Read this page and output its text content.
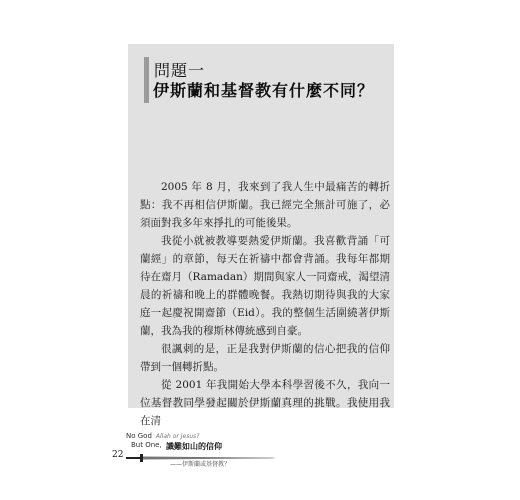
問題一
伊斯蘭和基督教有什麼不同？

2005 年 8 月，我來到了我人生中最痛苦的轉折點：我不再相信伊斯蘭。我已經完全無計可施了，必須面對我多年來掙扎的可能後果。

我從小就被教導要熱愛伊斯蘭。我喜歡背誦「可蘭經」的章節，每天在祈禱中都會背誦。我每年都期待在齋月（Ramadan）期間與家人一同齋戒，渴望清晨的祈禱和晚上的群體晚餐。我熱切期待與我的大家庭一起慶祝開齋節（Eid）。我的整個生活圍繞著伊斯蘭，我為我的穆斯林傳統感到自豪。

很諷刺的是，正是我對伊斯蘭的信心把我的信仰帶到一個轉折點。

從 2001 年我開始大學本科學習後不久，我向一位基督教同學發起關於伊斯蘭真理的挑戰。我使用我在清

No God Allah or Jesus?
But One, 識難如山的信仰
22
——伊斯蘭或基督教？
